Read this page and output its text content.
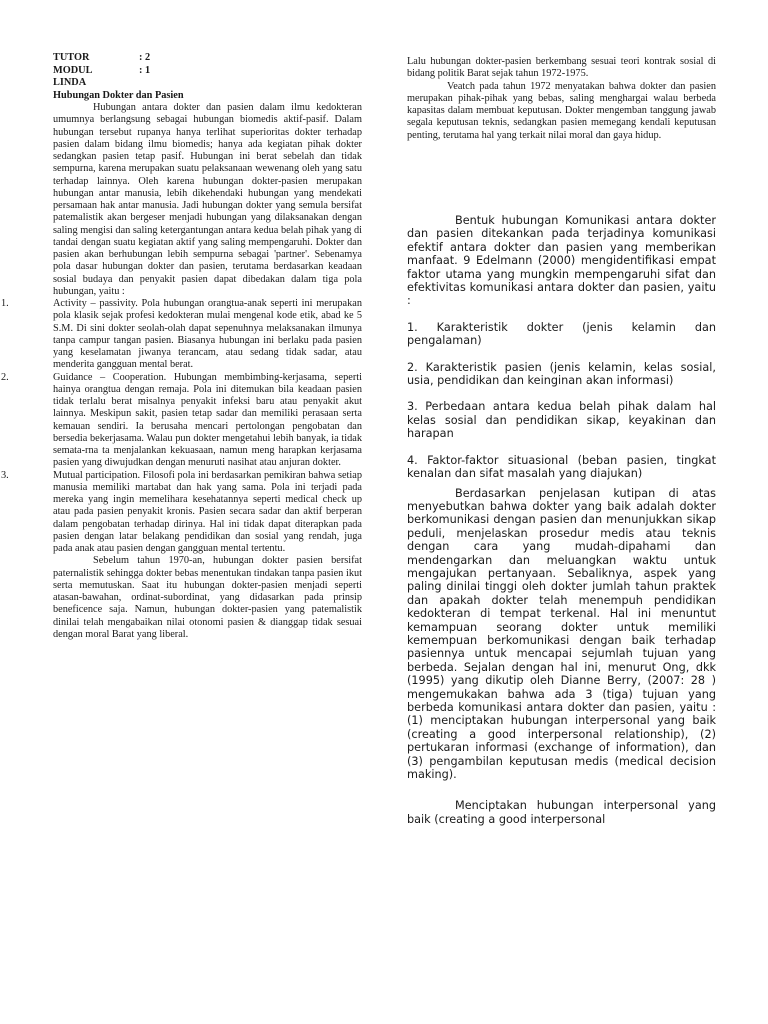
TUTOR	: 2
MODUL	: 1
LINDA
Hubungan Dokter dan Pasien

Hubungan antara dokter dan pasien dalam ilmu kedokteran umumnya berlangsung sebagai hubungan biomedis aktif-pasif. Dalam hubungan tersebut rupanya hanya terlihat superioritas dokter terhadap pasien dalam bidang ilmu biomedis; hanya ada kegiatan pihak dokter sedangkan pasien tetap pasif. Hubungan ini berat sebelah dan tidak sempurna, karena merupakan suatu pelaksanaan wewenang oleh yang satu terhadap lainnya. Oleh karena hubungan dokter-pasien merupakan hubungan antar manusia, lebih dikehendaki hubungan yang mendekati persamaan hak antar manusia. Jadi hubungan dokter yang semula bersifat patemalistik akan bergeser menjadi hubungan yang dilaksanakan dengan saling mengisi dan saling ketergantungan antara kedua belah pihak yang di tandai dengan suatu kegiatan aktif yang saling mempengaruhi. Dokter dan pasien akan berhubungan lebih sempurna sebagai 'partner'. Sebenamya pola dasar hubungan dokter dan pasien, terutama berdasarkan keadaan sosial budaya dan penyakit pasien dapat dibedakan dalam tiga pola hubungan, yaitu :

1.	Activity – passivity. Pola hubungan orangtua-anak seperti ini merupakan pola klasik sejak profesi kedokteran mulai mengenal kode etik, abad ke 5 S.M. Di sini dokter seolah-olah dapat sepenuhnya melaksanakan ilmunya tanpa campur tangan pasien. Biasanya hubungan ini berlaku pada pasien yang keselamatan jiwanya terancam, atau sedang tidak sadar, atau menderita gangguan mental berat.
2.	Guidance – Cooperation. Hubungan membimbing-kerjasama, seperti hainya orangtua dengan remaja. Pola ini ditemukan bila keadaan pasien tidak terlalu berat misalnya penyakit infeksi baru atau penyakit akut lainnya. Meskipun sakit, pasien tetap sadar dan memiliki perasaan serta kemauan sendiri. Ia berusaha mencari pertolongan pengobatan dan bersedia bekerjasama. Walau pun dokter mengetahui lebih banyak, ia tidak semata-rna ta menjalankan kekuasaan, namun meng harapkan kerjasama pasien yang diwujudkan dengan menuruti nasihat atau anjuran dokter.
3.	Mutual participation. Filosofi pola ini berdasarkan pemikiran bahwa setiap manusia memiliki martabat dan hak yang sama. Pola ini terjadi pada mereka yang ingin memelihara kesehatannya seperti medical check up atau pada pasien penyakit kronis. Pasien secara sadar dan aktif berperan dalam pengobatan terhadap dirinya. Hal ini tidak dapat diterapkan pada pasien dengan latar belakang pendidikan dan sosial yang rendah, juga pada anak atau pasien dengan gangguan mental tertentu.

Sebelum tahun 1970-an, hubungan dokter pasien bersifat paternalistik sehingga dokter bebas menentukan tindakan tanpa pasien ikut serta memutuskan. Saat itu hubungan dokter-pasien menjadi seperti atasan-bawahan, ordinat-subordinat, yang didasarkan pada prinsip beneficence saja. Namun, hubungan dokter-pasien yang patemalistik dinilai telah mengabaikan nilai otonomi pasien & dianggap tidak sesuai dengan moral Barat yang liberal.

Lalu hubungan dokter-pasien berkembang sesuai teori kontrak sosial di bidang politik Barat sejak tahun 1972-1975.

Veatch pada tahun 1972 menyatakan bahwa dokter dan pasien merupakan pihak-pihak yang bebas, saling menghargai walau berbeda kapasitas dalam membuat keputusan. Dokter mengemban tanggung jawab segala keputusan teknis, sedangkan pasien memegang kendali keputusan penting, terutama hal yang terkait nilai moral dan gaya hidup.

Bentuk hubungan Komunikasi antara dokter dan pasien ditekankan pada terjadinya komunikasi efektif antara dokter dan pasien yang memberikan manfaat. 9 Edelmann (2000) mengidentifikasi empat faktor utama yang mungkin mempengaruhi sifat dan efektivitas komunikasi antara dokter dan pasien, yaitu :

1. Karakteristik dokter (jenis kelamin dan pengalaman)

2. Karakteristik pasien (jenis kelamin, kelas sosial, usia, pendidikan dan keinginan akan informasi)

3. Perbedaan antara kedua belah pihak dalam hal kelas sosial dan pendidikan sikap, keyakinan dan harapan

4. Faktor-faktor situasional (beban pasien, tingkat kenalan dan sifat masalah yang diajukan)

Berdasarkan penjelasan kutipan di atas menyebutkan bahwa dokter yang baik adalah dokter berkomunikasi dengan pasien dan menunjukkan sikap peduli, menjelaskan prosedur medis atau teknis dengan cara yang mudah-dipahami dan mendengarkan dan meluangkan waktu untuk mengajukan pertanyaan. Sebaliknya, aspek yang paling dinilai tinggi oleh dokter jumlah tahun praktek dan apakah dokter telah menempuh pendidikan kedokteran di tempat terkenal. Hal ini menuntut kemampuan seorang dokter untuk memiliki kemempuan berkomunikasi dengan baik terhadap pasiennya untuk mencapai sejumlah tujuan yang berbeda. Sejalan dengan hal ini, menurut Ong, dkk (1995) yang dikutip oleh Dianne Berry, (2007: 28 ) mengemukakan bahwa ada 3 (tiga) tujuan yang berbeda komunikasi antara dokter dan pasien, yaitu : (1) menciptakan hubungan interpersonal yang baik (creating a good interpersonal relationship), (2) pertukaran informasi (exchange of information), dan (3) pengambilan keputusan medis (medical decision making).

Menciptakan hubungan interpersonal yang baik (creating a good interpersonal
